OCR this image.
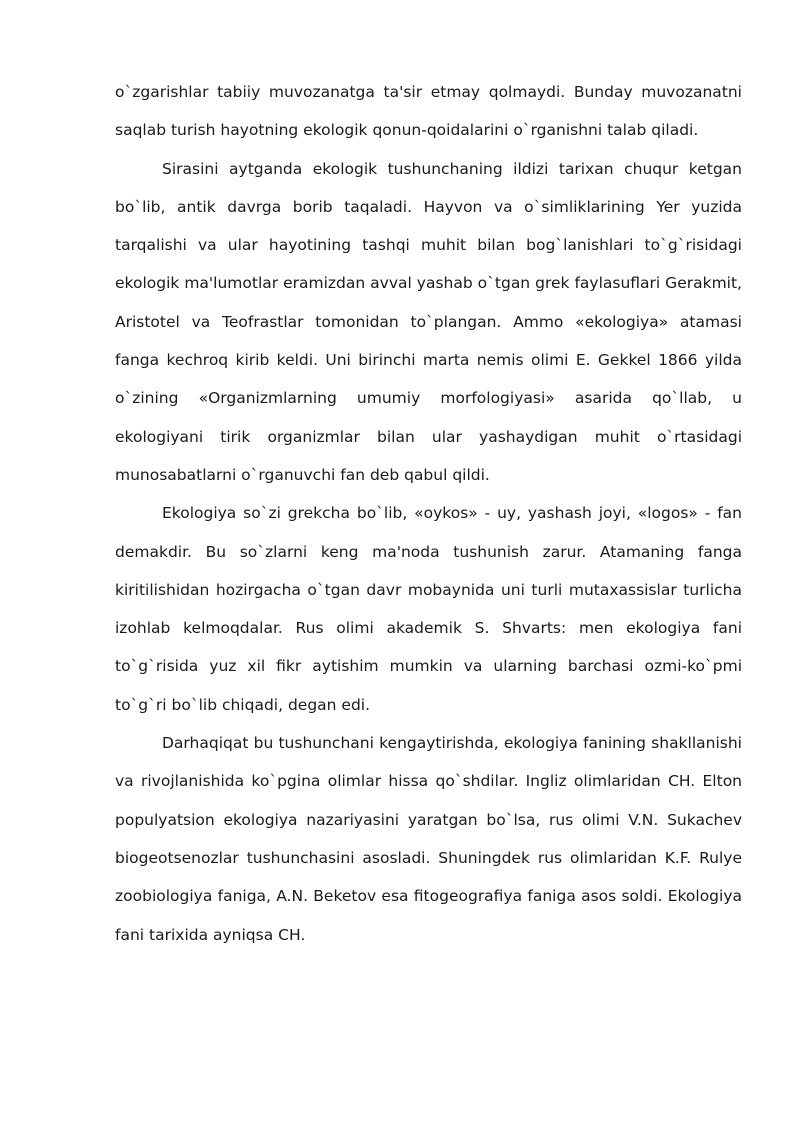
o`zgarishlar tabiiy muvozanatga ta'sir etmay qolmaydi. Bunday muvozanatni saqlab turish hayotning ekologik qonun-qoidalarini o`rganishni talab qiladi.

Sirasini aytganda ekologik tushunchaning ildizi tarixan chuqur ketgan bo`lib, antik davrga borib taqaladi. Hayvon va o`simliklarining Yer yuzida tarqalishi va ular hayotining tashqi muhit bilan bog`lanishlari to`g`risidagi ekologik ma'lumotlar eramizdan avval yashab o`tgan grek faylasuflari Gerakmit, Aristotel va Teofrastlar tomonidan to`plangan. Ammo «ekologiya» atamasi fanga kechroq kirib keldi. Uni birinchi marta nemis olimi E. Gekkel 1866 yilda o`zining «Organizmlarning umumiy morfologiyasi» asarida qo`llab, u ekologiyani tirik organizmlar bilan ular yashaydigan muhit o`rtasidagi munosabatlarni o`rganuvchi fan deb qabul qildi.

Ekologiya so`zi grekcha bo`lib, «oykos» - uy, yashash joyi, «logos» - fan demakdir. Bu so`zlarni keng ma'noda tushunish zarur. Atamaning fanga kiritilishidan hozirgacha o`tgan davr mobaynida uni turli mutaxassislar turlicha izohlab kelmoqdalar. Rus olimi akademik S. Shvarts: men ekologiya fani to`g`risida yuz xil fikr aytishim mumkin va ularning barchasi ozmi-ko`pmi to`g`ri bo`lib chiqadi, degan edi.

Darhaqiqat bu tushunchani kengaytirishda, ekologiya fanining shakllanishi va rivojlanishida ko`pgina olimlar hissa qo`shdilar. Ingliz olimlaridan CH. Elton populyatsion ekologiya nazariyasini yaratgan bo`lsa, rus olimi V.N. Sukachev biogeotsenozlar tushunchasini asosladi. Shuningdek rus olimlaridan K.F. Rulye zoobiologiya faniga, A.N. Beketov esa fitogeografiya faniga asos soldi. Ekologiya fani tarixida ayniqsa CH.
